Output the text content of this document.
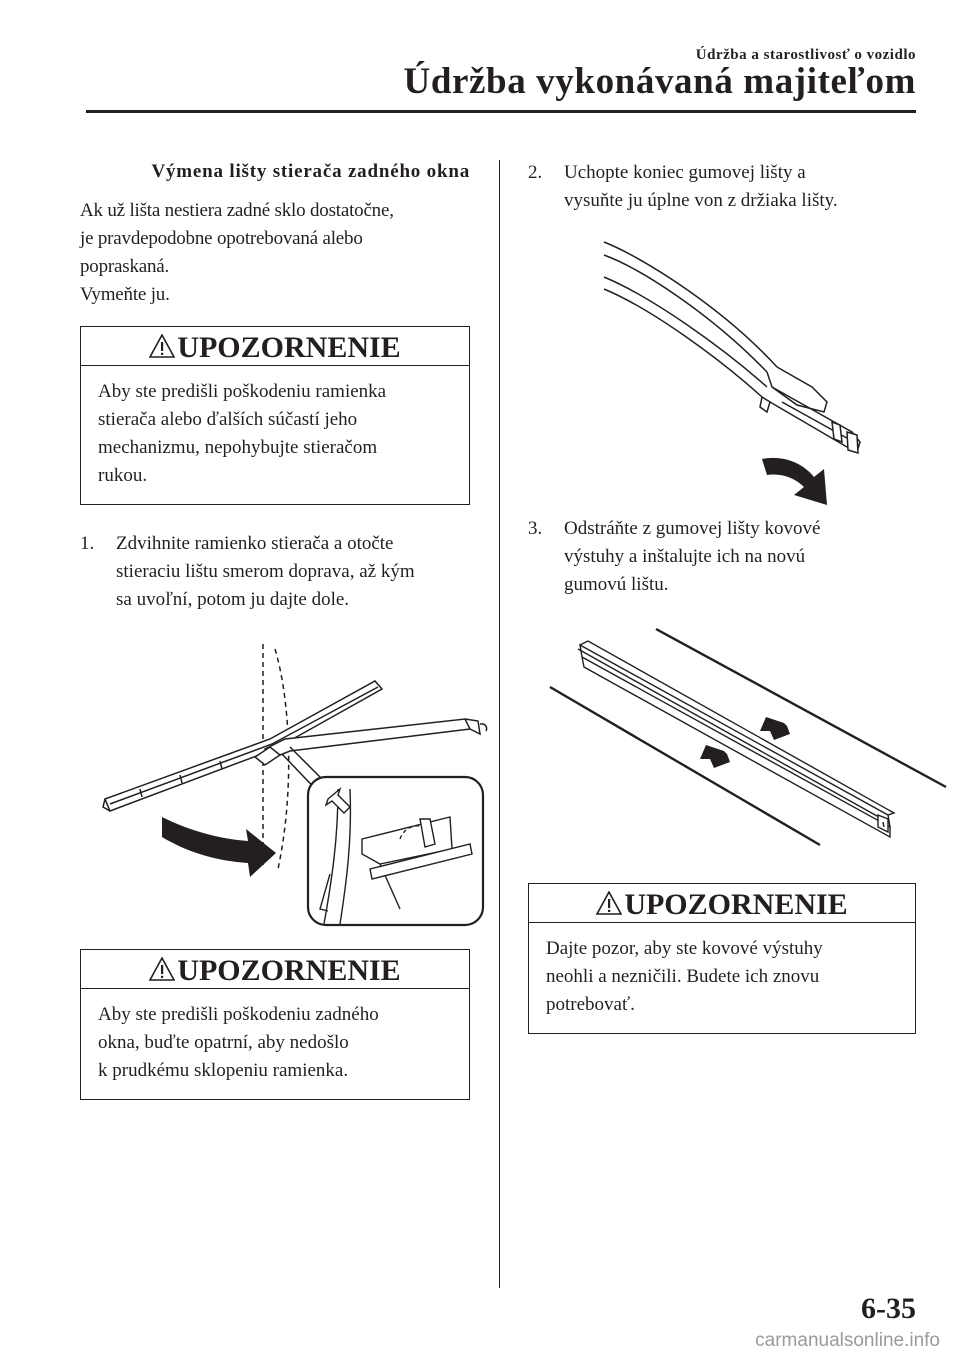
Údržba a starostlivosť o vozidlo
Údržba vykonávaná majiteľom
Výmena lišty stierača zadného okna

Ak už lišta nestiera zadné sklo dostatočne,

je pravdepodobne opotrebovaná alebo

popraskaná.

Vymeňte ju.

UPOZORNENIE

Aby ste predišli poškodeniu ramienka

stierača alebo ďalších súčastí jeho

mechanizmu, nepohybujte stieračom

rukou.

1.	Zdvihnite ramienko stierača a otočte

stieraciu lištu smerom doprava, až kým

sa uvoľní, potom ju dajte dole.

UPOZORNENIE

Aby ste predišli poškodeniu zadného

okna, buďte opatrní, aby nedošlo

k prudkému sklopeniu ramienka.

2.	Uchopte koniec gumovej lišty a

vysuňte ju úplne von z držiaka lišty.

3.	Odstráňte z gumovej lišty kovové

výstuhy a inštalujte ich na novú

gumovú lištu.

UPOZORNENIE

Dajte pozor, aby ste kovové výstuhy

neohli a nezničili. Budete ich znovu

potrebovať.

6-35
carmanualsonline.info
